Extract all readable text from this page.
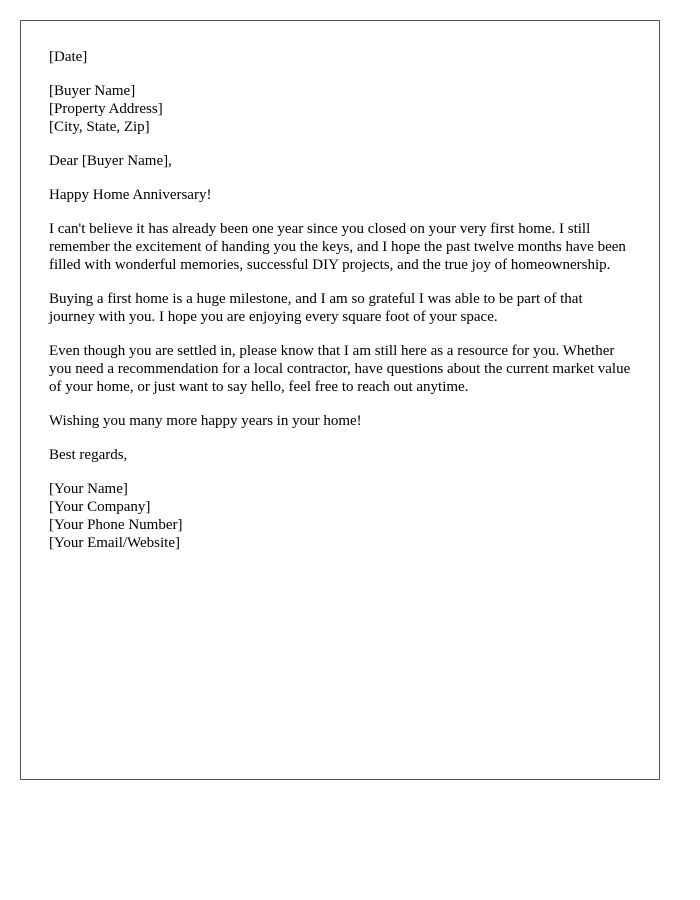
[Date]
[Buyer Name]
[Property Address]
[City, State, Zip]

Dear [Buyer Name],

Happy Home Anniversary!

I can't believe it has already been one year since you closed on your very first home. I still remember the excitement of handing you the keys, and I hope the past twelve months have been filled with wonderful memories, successful DIY projects, and the true joy of homeownership.

Buying a first home is a huge milestone, and I am so grateful I was able to be part of that journey with you. I hope you are enjoying every square foot of your space.

Even though you are settled in, please know that I am still here as a resource for you. Whether you need a recommendation for a local contractor, have questions about the current market value of your home, or just want to say hello, feel free to reach out anytime.

Wishing you many more happy years in your home!

Best regards,

[Your Name]
[Your Company]
[Your Phone Number]
[Your Email/Website]
